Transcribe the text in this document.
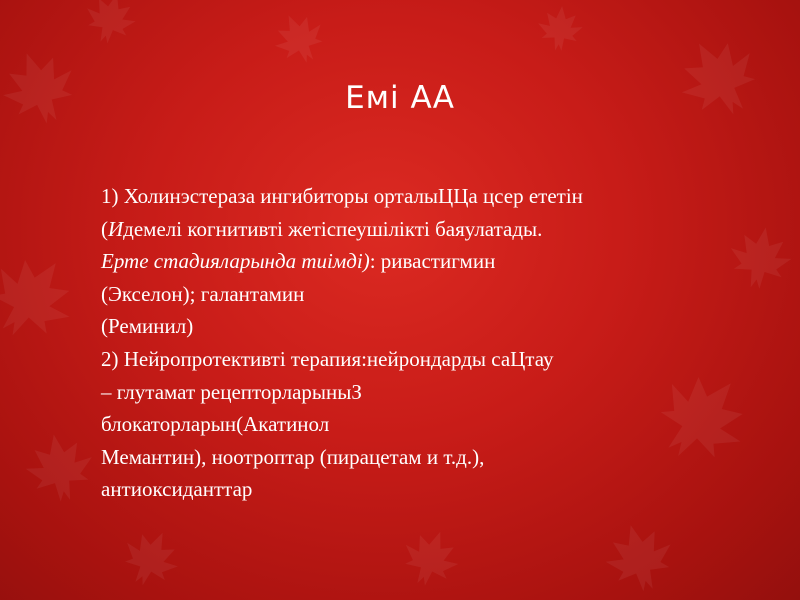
Емі АА
1) Холинэстераза ингибиторы орталыЦЦа цсер ететін
(Идемелі когнитивті жетіспеушілікті баяулатады.
Ерте стадияларында тиімді): ривастигмин
(Экселон); галантамин
(Реминил)
2) Нейропротективті терапия:нейрондарды саЦтау
– глутамат рецепторларыныЗ
блокаторларын(Акатинол
Мемантин), ноотроптар (пирацетам и т.д.),
антиоксиданттар
